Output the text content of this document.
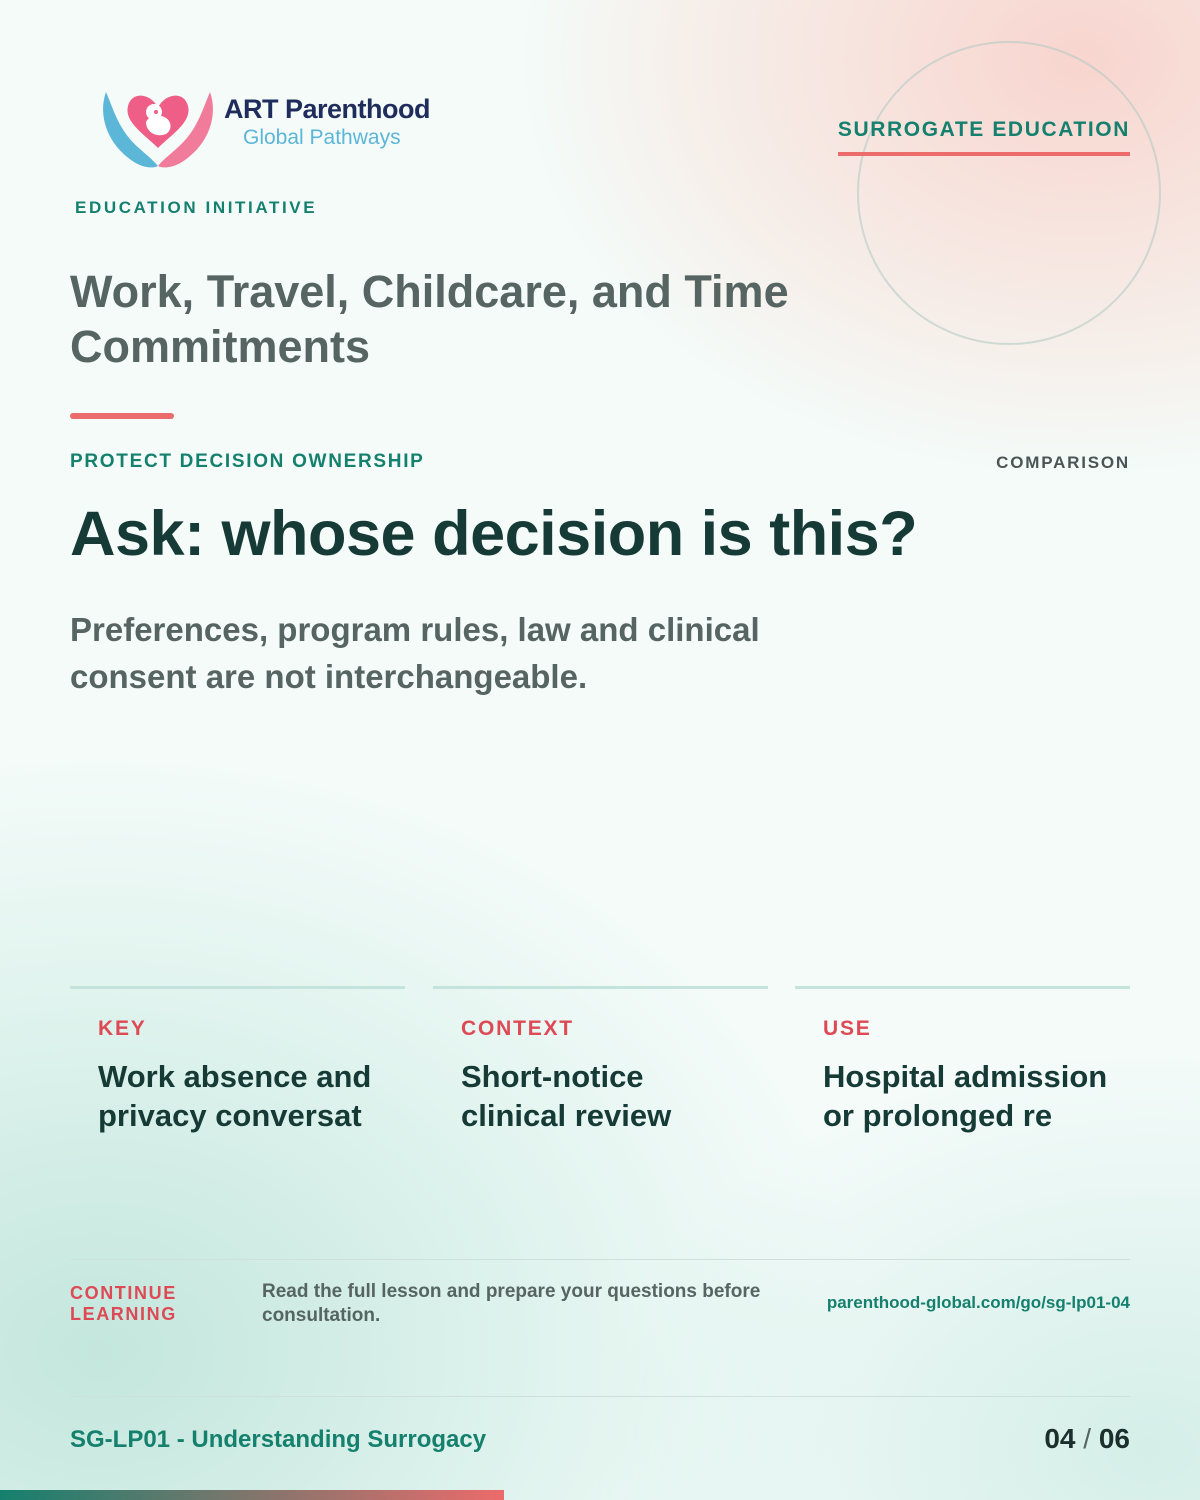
ART Parenthood
Global Pathways
EDUCATION INITIATIVE
SURROGATE EDUCATION
Work, Travel, Childcare, and Time Commitments
PROTECT DECISION OWNERSHIP	COMPARISON
Ask: whose decision is this?

Preferences, program rules, law and clinical consent are not interchangeable.

KEY
Work absence and privacy conversat
CONTEXT
Short-notice clinical review
USE
Hospital admission or prolonged re
CONTINUE LEARNING
Read the full lesson and prepare your questions before consultation.
parenthood-global.com/go/sg-lp01-04
SG-LP01 - Understanding Surrogacy	04 / 06
